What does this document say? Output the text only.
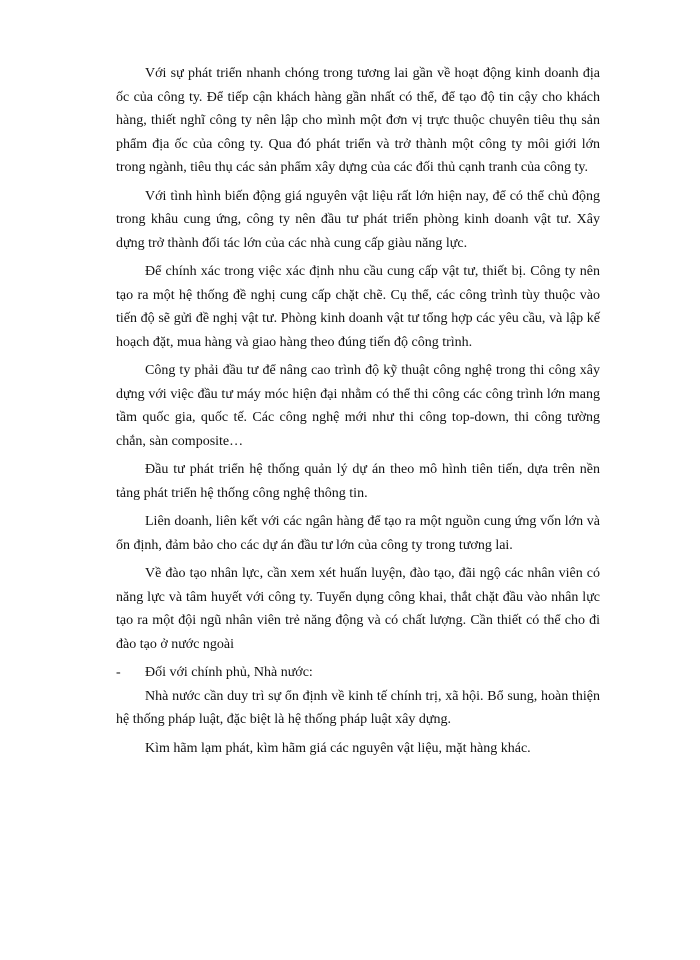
Với sự phát triển nhanh chóng trong tương lai gần về hoạt động kinh doanh địa ốc của công ty. Để tiếp cận khách hàng gần nhất có thể, để tạo độ tin cậy cho khách hàng, thiết nghĩ công ty nên lập cho mình một đơn vị trực thuộc chuyên tiêu thụ sản phẩm địa ốc của công ty. Qua đó phát triển và trở thành một công ty môi giới lớn trong ngành, tiêu thụ các sản phẩm xây dựng của các đối thủ cạnh tranh của công ty.

Với tình hình biến động giá nguyên vật liệu rất lớn hiện nay, để có thể chủ động trong khâu cung ứng, công ty nên đầu tư phát triển phòng kinh doanh vật tư. Xây dựng trở thành đối tác lớn của các nhà cung cấp giàu năng lực.

Để chính xác trong việc xác định nhu cầu cung cấp vật tư, thiết bị. Công ty nên tạo ra một hệ thống đề nghị cung cấp chặt chẽ. Cụ thể, các công trình tùy thuộc vào tiến độ sẽ gửi đề nghị vật tư. Phòng kinh doanh vật tư tổng hợp các yêu cầu, và lập kế hoạch đặt, mua hàng và giao hàng theo đúng tiến độ công trình.

Công ty phải đầu tư để nâng cao trình độ kỹ thuật công nghệ trong thi công xây dựng với việc đầu tư máy móc hiện đại nhằm có thể thi công các công trình lớn mang tầm quốc gia, quốc tế. Các công nghệ mới như thi công top-down, thi công tường chắn, sàn composite…

Đầu tư phát triển hệ thống quản lý dự án theo mô hình tiên tiến, dựa trên nền tảng phát triển hệ thống công nghệ thông tin.

Liên doanh, liên kết với các ngân hàng để tạo ra một nguồn cung ứng vốn lớn và ổn định, đảm bảo cho các dự án đầu tư lớn của công ty trong tương lai.

Về đào tạo nhân lực, cần xem xét huấn luyện, đào tạo, đãi ngộ các nhân viên có năng lực và tâm huyết với công ty. Tuyển dụng công khai, thắt chặt đầu vào nhân lực tạo ra một đội ngũ nhân viên trẻ năng động và có chất lượng. Cần thiết có thể cho đi đào tạo ở nước ngoài

- Đối với chính phủ, Nhà nước:

Nhà nước cần duy trì sự ổn định về kinh tế chính trị, xã hội. Bổ sung, hoàn thiện hệ thống pháp luật, đặc biệt là hệ thống pháp luật xây dựng.

Kìm hãm lạm phát, kìm hãm giá các nguyên vật liệu, mặt hàng khác.
